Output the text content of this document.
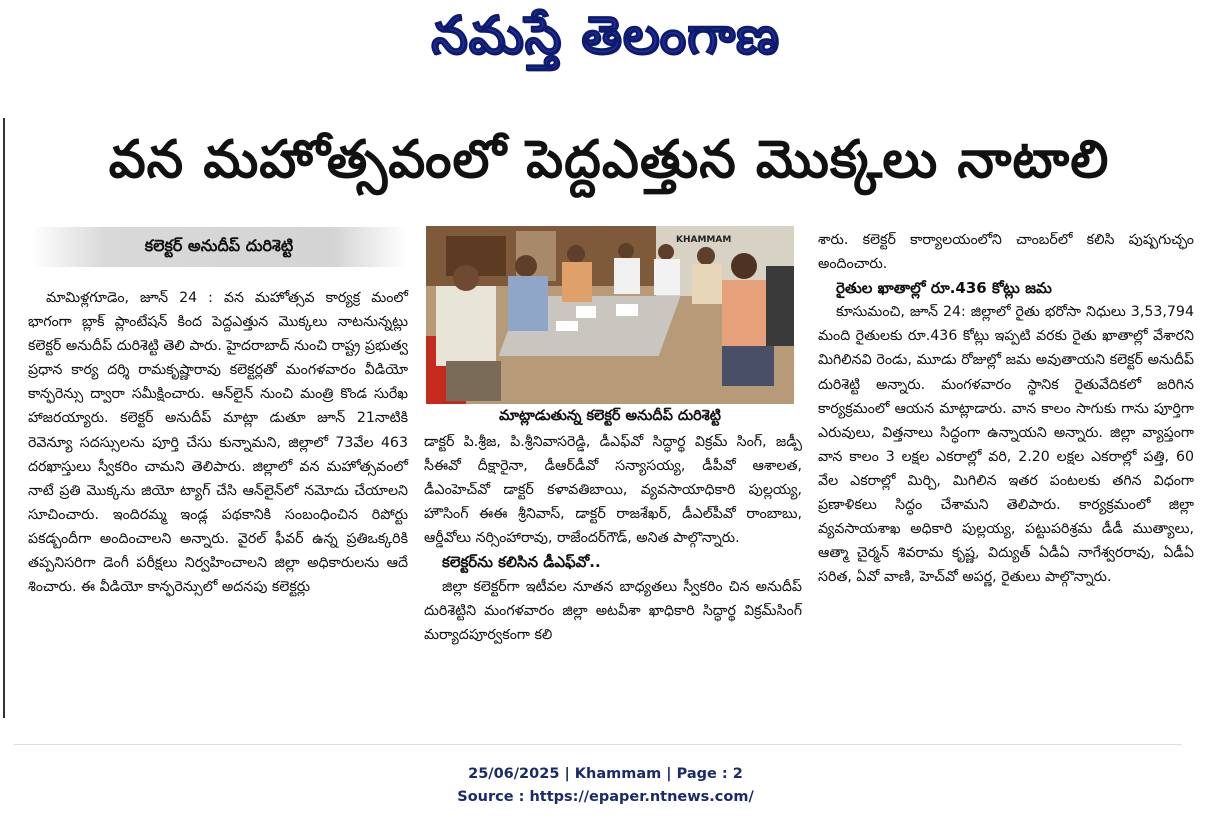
నమస్తే తెలంగాణ
వన మహోత్సవంలో పెద్దఎత్తున మొక్కలు నాటాలి
కలెక్టర్ అనుదీప్ దురిశెట్టి

మామిళ్లగూడెం, జూన్ 24 : వన మహోత్సవ కార్యక్ర మంలో భాగంగా బ్లాక్ ప్లాంటేషన్ కింద పెద్దఎత్తున మొక్కలు నాటనున్నట్లు కలెక్టర్ అనుదీప్ దురిశెట్టి తెలి పారు. హైదరాబాద్ నుంచి రాష్ట్ర ప్రభుత్వ ప్రధాన కార్య దర్శి రామకృష్ణారావు కలెక్టర్లతో మంగళవారం వీడియో కాన్ఫరెన్సు ద్వారా సమీక్షించారు. ఆన్‌లైన్ నుంచి మంత్రి కొండ సురేఖ హాజరయ్యారు. కలెక్టర్ అనుదీప్ మాట్లా డుతూ జూన్ 21నాటికి రెవెన్యూ సదస్సులను పూర్తి చేసు కున్నామని, జిల్లాలో 73వేల 463 దరఖాస్తులు స్వీకరిం చామని తెలిపారు. జిల్లాలో వన మహోత్సవంలో నాటే ప్రతి మొక్కను జియో ట్యాగ్ చేసి ఆన్‌లైన్‌లో నమోదు చేయాలని సూచించారు. ఇందిరమ్మ ఇండ్ల పథకానికి సంబంధించిన రిపోర్టు పకడ్బందీగా అందించాలని అన్నారు. వైరల్ ఫీవర్ ఉన్న ప్రతిఒక్కరికి తప్పనిసరిగా డెంగీ పరీక్షలు నిర్వహించాలని జిల్లా అధికారులను ఆదే శించారు. ఈ వీడియో కాన్ఫరెన్సులో అదనపు కలెక్టర్లు

KHAMMAM
మాట్లాడుతున్న కలెక్టర్ అనుదీప్ దురిశెట్టి

డాక్టర్ పి.శ్రీజ, పి.శ్రీనివాసరెడ్డి, డీఎఫ్‌వో సిద్ధార్థ విక్రమ్ సింగ్, జడ్పీ సీఈవో దీక్షారైనా, డీఆర్‌డీవో సన్యాసయ్య, డీపీవో ఆశాలత, డీఎంహెచ్‌వో డాక్టర్ కళావతిబాయి, వ్యవసాయాధికారి పుల్లయ్య, హౌసింగ్ ఈఈ శ్రీనివాస్, డాక్టర్ రాజశేఖర్, డీఎల్‌పీవో రాంబాబు, ఆర్డీవోలు నర్సింహారావు, రాజేందర్‌గౌడ్, అనిత పాల్గొన్నారు.

కలెక్టర్‌ను కలిసిన డీఎఫ్‌వో..

జిల్లా కలెక్టర్‌గా ఇటీవల నూతన బాధ్యతలు స్వీకరిం చిన అనుదీప్ దురిశెట్టిని మంగళవారం జిల్లా అటవీశా ఖాధికారి సిద్ధార్థ విక్రమ్‌సింగ్ మర్యాదపూర్వకంగా కలి

శారు. కలెక్టర్ కార్యాలయంలోని చాంబర్‌లో కలిసి పుష్పగుచ్ఛం అందించారు.

రైతుల ఖాతాల్లో రూ.436 కోట్లు జమ

కూసుమంచి, జూన్ 24: జిల్లాలో రైతు భరోసా నిధులు 3,53,794 మంది రైతులకు రూ.436 కోట్లు ఇప్పటి వరకు రైతు ఖాతాల్లో వేశారని మిగిలినవి రెండు, మూడు రోజుల్లో జమ అవుతాయని కలెక్టర్ అనుదీప్ దురిశెట్టి అన్నారు. మంగళవారం స్థానిక రైతువేదికలో జరిగిన కార్యక్రమంలో ఆయన మాట్లాడారు. వాన కాలం సాగుకు గాను పూర్తిగా ఎరువులు, విత్తనాలు సిద్ధంగా ఉన్నాయని అన్నారు. జిల్లా వ్యాప్తంగా వాన కాలం 3 లక్షల ఎకరాల్లో వరి, 2.20 లక్షల ఎకరాల్లో పత్తి, 60 వేల ఎకరాల్లో మిర్చి, మిగిలిన ఇతర పంటలకు తగిన విధంగా ప్రణాళికలు సిద్ధం చేశామని తెలిపారు. కార్యక్రమంలో జిల్లా వ్యవసాయశాఖ అధికారి పుల్లయ్య, పట్టుపరిశ్రమ డీడీ ముత్యాలు, ఆత్మా చైర్మన్ శివరామ కృష్ణ, విద్యుత్ ఏడీఏ నాగేశ్వరరావు, ఏడీఏ సరిత, ఏవో వాణి, హెచ్‌వో అపర్ణ, రైతులు పాల్గొన్నారు.

25/06/2025 | Khammam | Page : 2
Source : https://epaper.ntnews.com/
